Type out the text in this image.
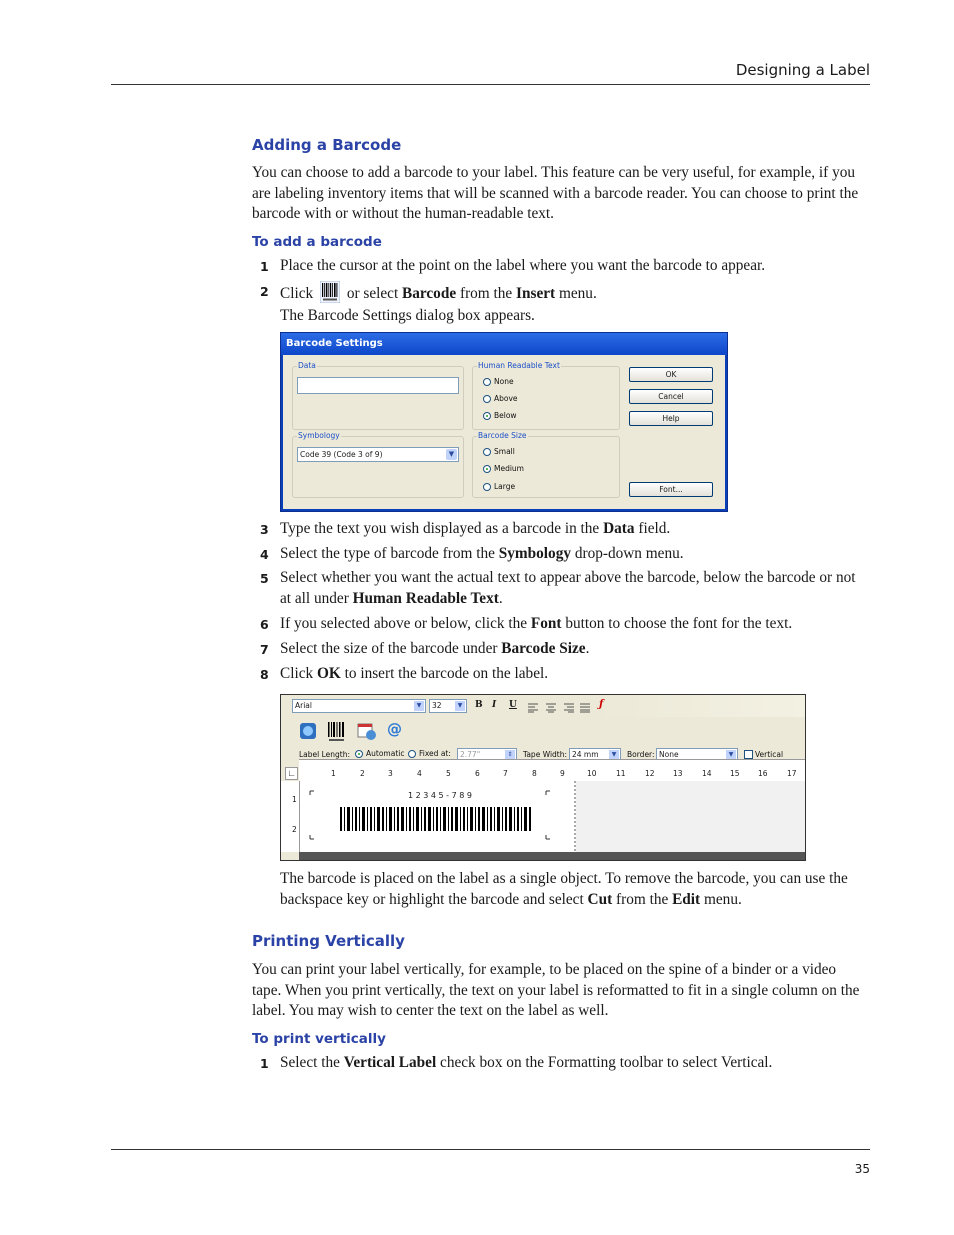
Designing a Label
Adding a Barcode
You can choose to add a barcode to your label. This feature can be very useful, for example, if you
are labeling inventory items that will be scanned with a barcode reader. You can choose to print the
barcode with or without the human-readable text.
To add a barcode
1 Place the cursor at the point on the label where you want the barcode to appear.
2 Click or select Barcode from the Insert menu.
The Barcode Settings dialog box appears.
Barcode Settings
Data	Human Readable Text
None
Above
Below
Symbology
Code 39 (Code 3 of 9)	▼
Barcode Size
Small
Medium
Large
OK
Cancel
Help
Font...
3 Type the text you wish displayed as a barcode in the Data field.
4 Select the type of barcode from the Symbology drop-down menu.
5 Select whether you want the actual text to appear above the barcode, below the barcode or not
at all under Human Readable Text.
6 If you selected above or below, click the Font button to choose the font for the text.
7 Select the size of the barcode under Barcode Size.
8 Click OK to insert the barcode on the label.
Arial	▼	32	▼ B I U	ƒ
@
Label Length: Automatic Fixed at:	2.77"	⇕	Tape Width: 24 mm	▼	Border: None	▼	Vertical
∟	1	2	3	4	5	6	7	8	9	10	11	12 13	14 15 16	17
1
2
1 2 3 4 5 - 7 8 9
The barcode is placed on the label as a single object. To remove the barcode, you can use the
backspace key or highlight the barcode and select Cut from the Edit menu.
Printing Vertically
You can print your label vertically, for example, to be placed on the spine of a binder or a video
tape. When you print vertically, the text on your label is reformatted to fit in a single column on the
label. You may wish to center the text on the label as well.
To print vertically
1 Select the Vertical Label check box on the Formatting toolbar to select Vertical.
35
